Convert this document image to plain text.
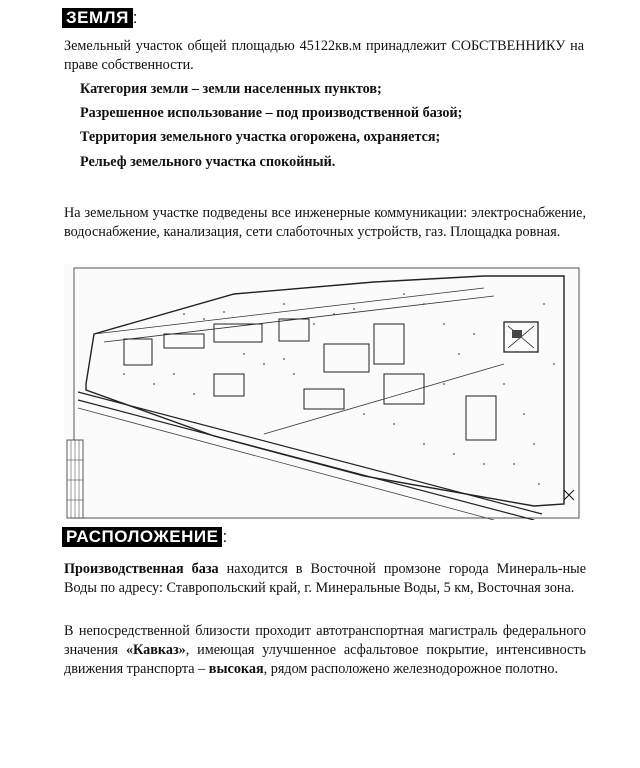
ЗЕМЛЯ :
Земельный участок общей площадью 45122кв.м принадлежит СОБСТВЕННИКУ на праве собственности.
Категория земли – земли населенных пунктов;
Разрешенное использование – под производственной базой;
Территория земельного участка огорожена, охраняется;
Рельеф земельного участка спокойный.
На земельном участке подведены все инженерные коммуникации: электроснабжение, водоснабжение, канализация, сети слаботочных устройств, газ. Площадка ровная.
РАСПОЛОЖЕНИЕ :
Производственная база находится в Восточной промзоне города Минераль-ные Воды по адресу: Ставропольский край, г. Минеральные Воды, 5 км, Восточная зона.
В непосредственной близости проходит автотранспортная магистраль федерального значения «Кавказ», имеющая улучшенное асфальтовое покрытие, интенсивность движения транспорта – высокая, рядом расположено железнодорожное полотно.
